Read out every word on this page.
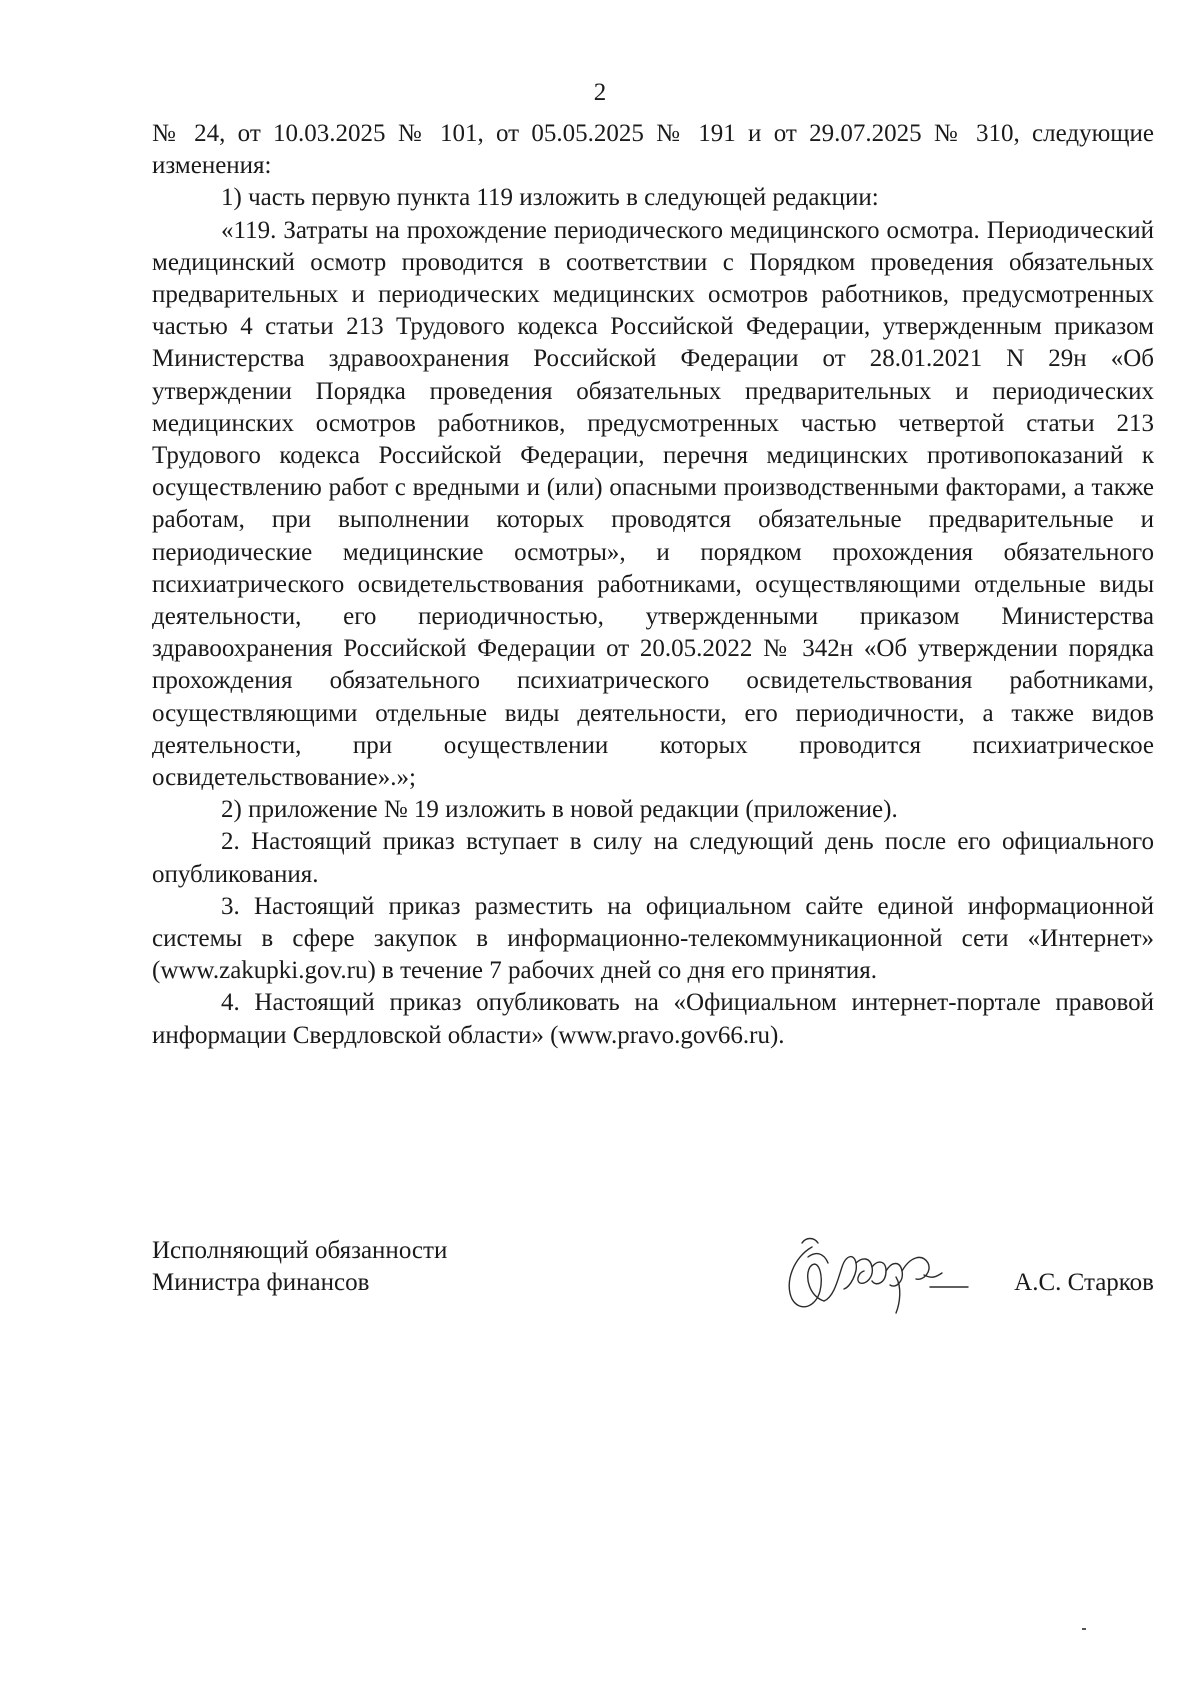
2

№ 24, от 10.03.2025 № 101, от 05.05.2025 № 191 и от 29.07.2025 № 310, следующие изменения:

1) часть первую пункта 119 изложить в следующей редакции:

«119. Затраты на прохождение периодического медицинского осмотра. Периодический медицинский осмотр проводится в соответствии с Порядком проведения обязательных предварительных и периодических медицинских осмотров работников, предусмотренных частью 4 статьи 213 Трудового кодекса Российской Федерации, утвержденным приказом Министерства здравоохранения Российской Федерации от 28.01.2021 N 29н «Об утверждении Порядка проведения обязательных предварительных и периодических медицинских осмотров работников, предусмотренных частью четвертой статьи 213 Трудового кодекса Российской Федерации, перечня медицинских противопоказаний к осуществлению работ с вредными и (или) опасными производственными факторами, а также работам, при выполнении которых проводятся обязательные предварительные и периодические медицинские осмотры», и порядком прохождения обязательного психиатрического освидетельствования работниками, осуществляющими отдельные виды деятельности, его периодичностью, утвержденными приказом Министерства здравоохранения Российской Федерации от 20.05.2022 № 342н «Об утверждении порядка прохождения обязательного психиатрического освидетельствования работниками, осуществляющими отдельные виды деятельности, его периодичности, а также видов деятельности, при осуществлении которых проводится психиатрическое освидетельствование».»;

2) приложение № 19 изложить в новой редакции (приложение).

2. Настоящий приказ вступает в силу на следующий день после его официального опубликования.

3. Настоящий приказ разместить на официальном сайте единой информационной системы в сфере закупок в информационно-телекоммуникационной сети «Интернет» (www.zakupki.gov.ru) в течение 7 рабочих дней со дня его принятия.

4. Настоящий приказ опубликовать на «Официальном интернет-портале правовой информации Свердловской области» (www.pravo.gov66.ru).

Исполняющий обязанности
Министра финансов	А.С. Старков
